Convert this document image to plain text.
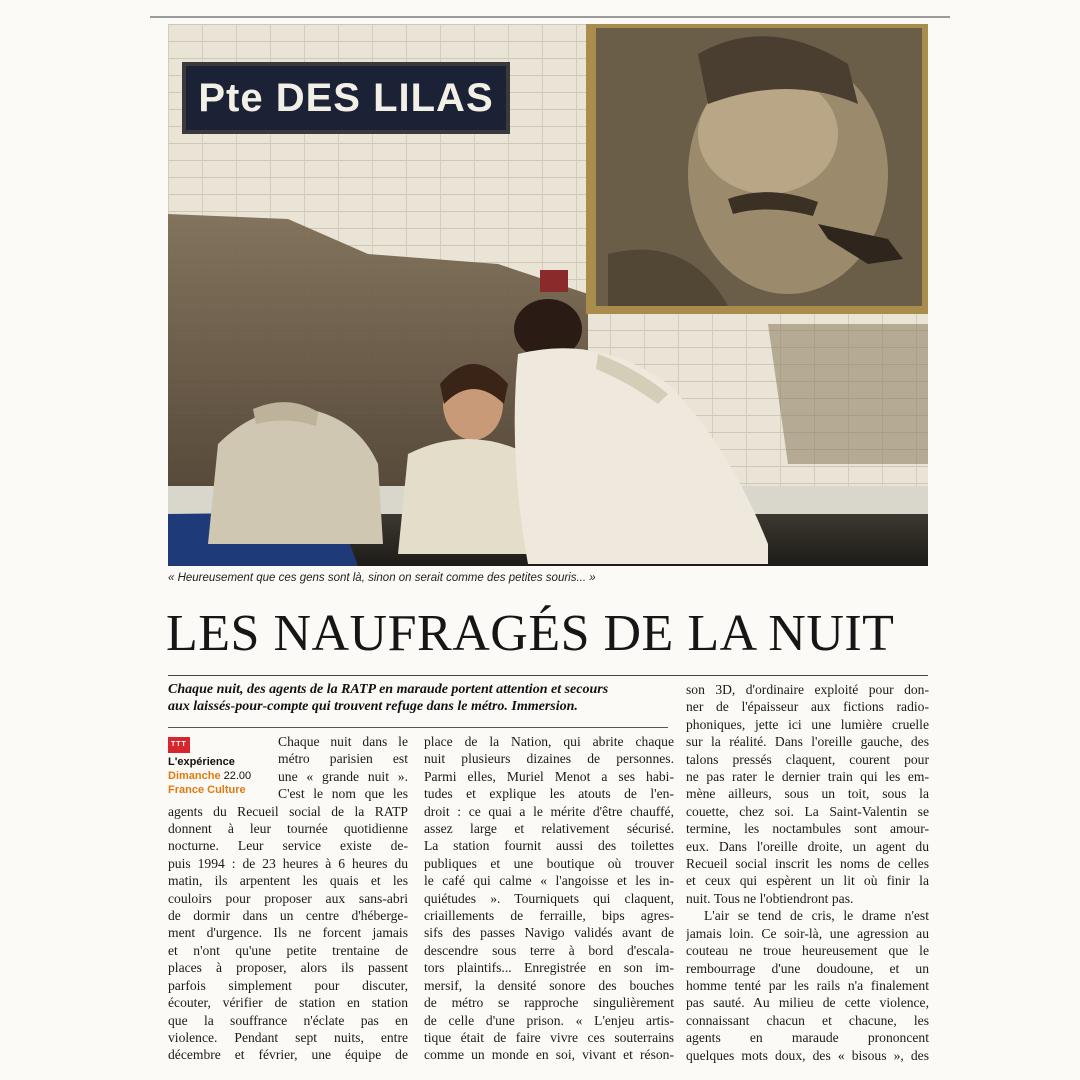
Pte DES LILAS
« Heureusement que ces gens sont là, sinon on serait comme des petites souris... »
LES NAUFRAGÉS DE LA NUIT
Chaque nuit, des agents de la RATP en maraude portent attention et secours
aux laissés-pour-compte qui trouvent refuge dans le métro. Immersion.
TTT
L'expérience
Dimanche 22.00
France Culture
Chaque nuit dans le
métro parisien est
une « grande nuit ».
C'est le nom que les
agents du Recueil social de la RATP
donnent à leur tournée quotidienne
nocturne. Leur service existe de-
puis 1994 : de 23 heures à 6 heures du
matin, ils arpentent les quais et les
couloirs pour proposer aux sans-abri
de dormir dans un centre d'héberge-
ment d'urgence. Ils ne forcent jamais
et n'ont qu'une petite trentaine de
places à proposer, alors ils passent
parfois simplement pour discuter,
écouter, vérifier de station en station
que la souffrance n'éclate pas en
violence. Pendant sept nuits, entre
décembre et février, une équipe de
place de la Nation, qui abrite chaque
nuit plusieurs dizaines de personnes.
Parmi elles, Muriel Menot a ses habi-
tudes et explique les atouts de l'en-
droit : ce quai a le mérite d'être chauffé,
assez large et relativement sécurisé.
La station fournit aussi des toilettes
publiques et une boutique où trouver
le café qui calme « l'angoisse et les in-
quiétudes ». Tourniquets qui claquent,
criaillements de ferraille, bips agres-
sifs des passes Navigo validés avant de
descendre sous terre à bord d'escala-
tors plaintifs... Enregistrée en son im-
mersif, la densité sonore des bouches
de métro se rapproche singulièrement
de celle d'une prison. « L'enjeu artis-
tique était de faire vivre ces souterrains
comme un monde en soi, vivant et réson-
son 3D, d'ordinaire exploité pour don-
ner de l'épaisseur aux fictions radio-
phoniques, jette ici une lumière cruelle
sur la réalité. Dans l'oreille gauche, des
talons pressés claquent, courent pour
ne pas rater le dernier train qui les em-
mène ailleurs, sous un toit, sous la
couette, chez soi. La Saint-Valentin se
termine, les noctambules sont amour-
eux. Dans l'oreille droite, un agent du
Recueil social inscrit les noms de celles
et ceux qui espèrent un lit où finir la
nuit. Tous ne l'obtiendront pas.
L'air se tend de cris, le drame n'est
jamais loin. Ce soir-là, une agression au
couteau ne troue heureusement que le
rembourrage d'une doudoune, et un
homme tenté par les rails n'a finalement
pas sauté. Au milieu de cette violence,
connaissant chacun et chacune, les
agents en maraude prononcent
quelques mots doux, des « bisous », des
